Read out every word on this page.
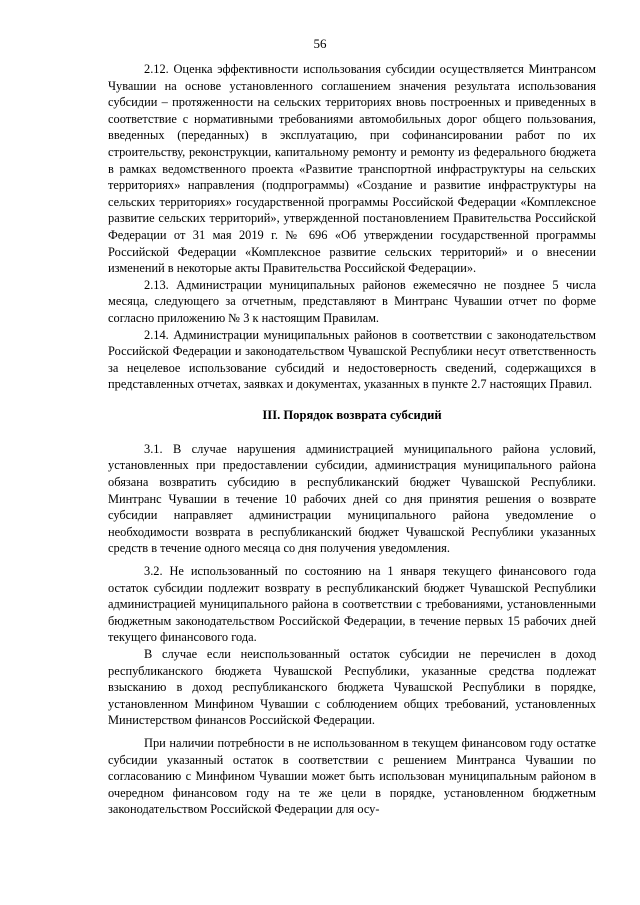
56

2.12. Оценка эффективности использования субсидии осуществляется Минтрансом Чувашии на основе установленного соглашением значения результата использования субсидии – протяженности на сельских территориях вновь построенных и приведенных в соответствие с нормативными требованиями автомобильных дорог общего пользования, введенных (переданных) в эксплуатацию, при софинансировании работ по их строительству, реконструкции, капитальному ремонту и ремонту из федерального бюджета в рамках ведомственного проекта «Развитие транспортной инфраструктуры на сельских территориях» направления (подпрограммы) «Создание и развитие инфраструктуры на сельских территориях» государственной программы Российской Федерации «Комплексное развитие сельских территорий», утвержденной постановлением Правительства Российской Федерации от 31 мая 2019 г. № 696 «Об утверждении государственной программы Российской Федерации «Комплексное развитие сельских территорий» и о внесении изменений в некоторые акты Правительства Российской Федерации».

2.13. Администрации муниципальных районов ежемесячно не позднее 5 числа месяца, следующего за отчетным, представляют в Минтранс Чувашии отчет по форме согласно приложению № 3 к настоящим Правилам.

2.14. Администрации муниципальных районов в соответствии с законодательством Российской Федерации и законодательством Чувашской Республики несут ответственность за нецелевое использование субсидий и недостоверность сведений, содержащихся в представленных отчетах, заявках и документах, указанных в пункте 2.7 настоящих Правил.

III. Порядок возврата субсидий

3.1. В случае нарушения администрацией муниципального района условий, установленных при предоставлении субсидии, администрация муниципального района обязана возвратить субсидию в республиканский бюджет Чувашской Республики. Минтранс Чувашии в течение 10 рабочих дней со дня принятия решения о возврате субсидии направляет администрации муниципального района уведомление о необходимости возврата в республиканский бюджет Чувашской Республики указанных средств в течение одного месяца со дня получения уведомления.

3.2. Не использованный по состоянию на 1 января текущего финансового года остаток субсидии подлежит возврату в республиканский бюджет Чувашской Республики администрацией муниципального района в соответствии с требованиями, установленными бюджетным законодательством Российской Федерации, в течение первых 15 рабочих дней текущего финансового года.

В случае если неиспользованный остаток субсидии не перечислен в доход республиканского бюджета Чувашской Республики, указанные средства подлежат взысканию в доход республиканского бюджета Чувашской Республики в порядке, установленном Минфином Чувашии с соблюдением общих требований, установленных Министерством финансов Российской Федерации.

При наличии потребности в не использованном в текущем финансовом году остатке субсидии указанный остаток в соответствии с решением Минтранса Чувашии по согласованию с Минфином Чувашии может быть использован муниципальным районом в очередном финансовом году на те же цели в порядке, установленном бюджетным законодательством Российской Федерации для осу-
